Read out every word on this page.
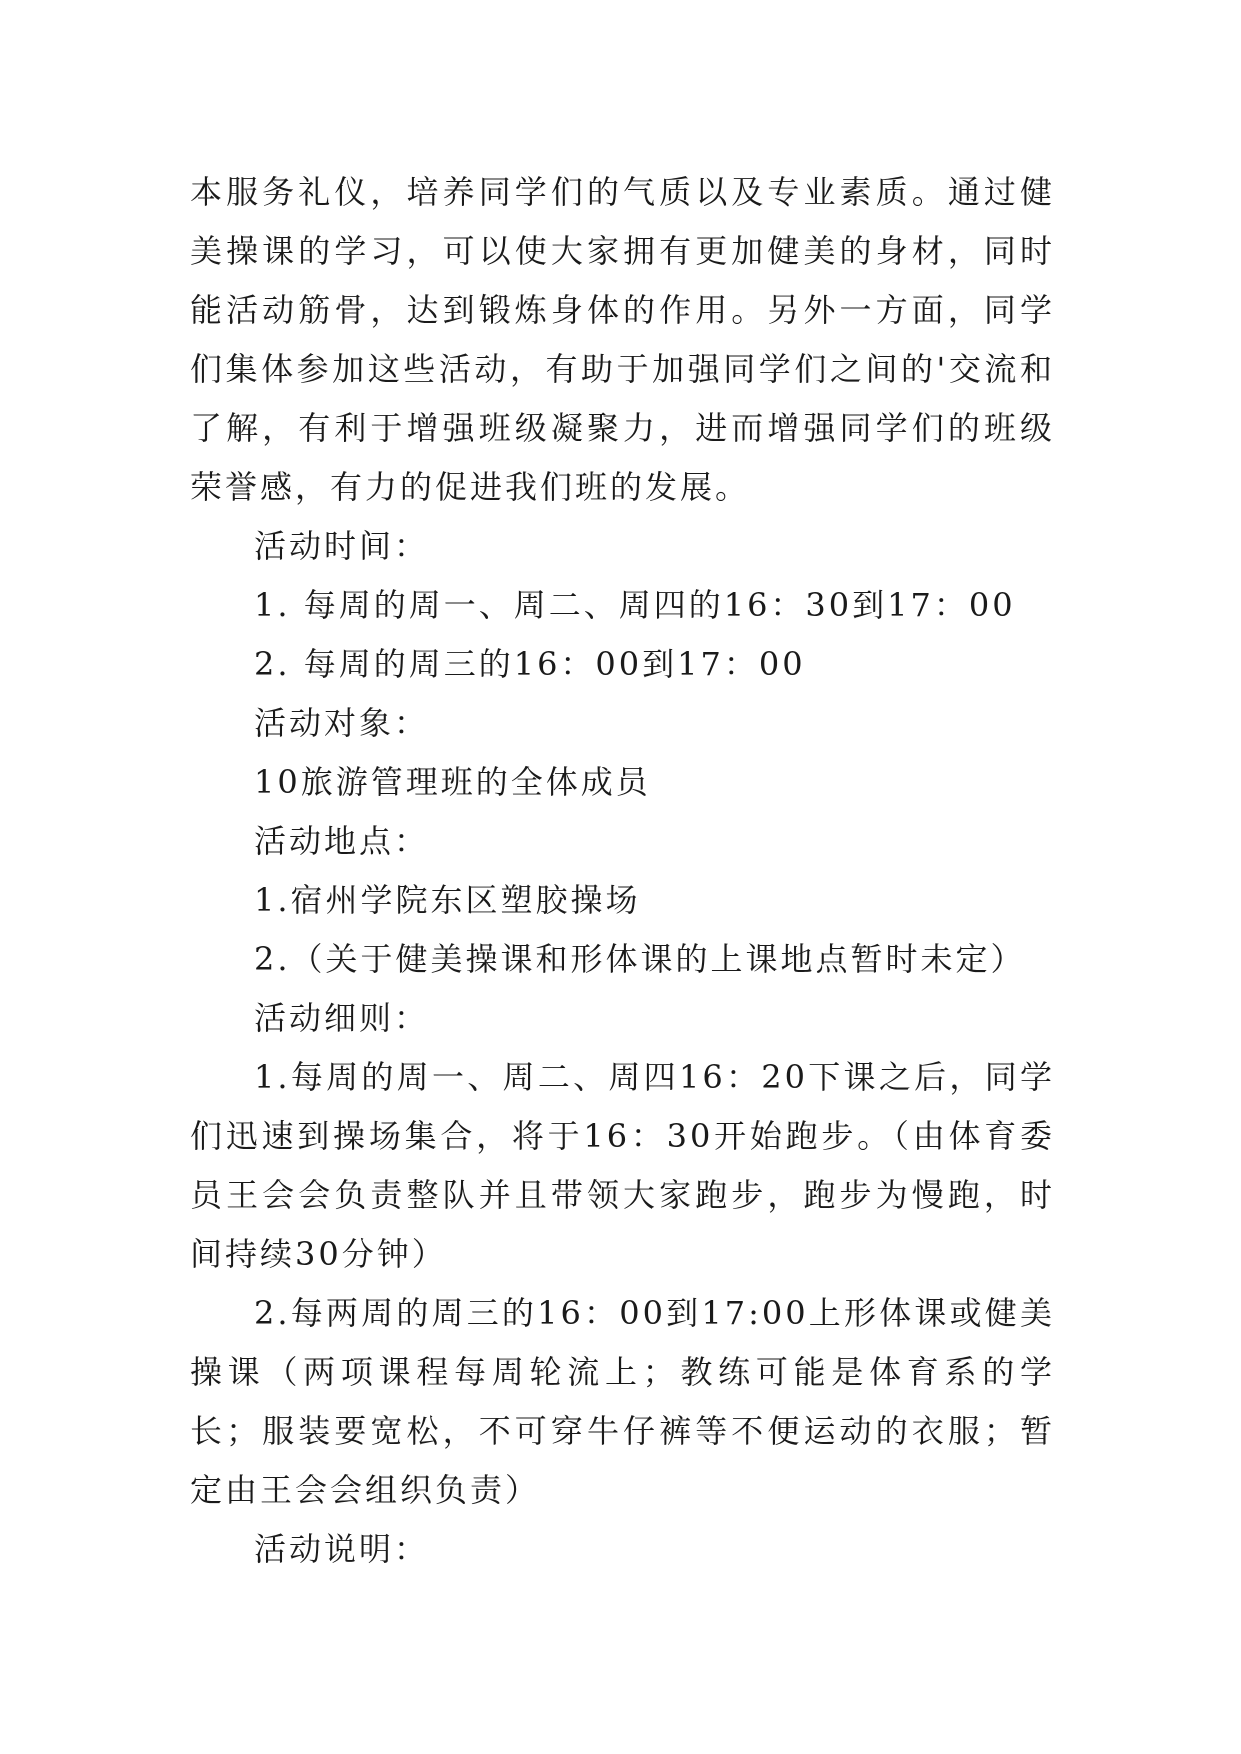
本服务礼仪，培养同学们的气质以及专业素质。通过健美操课的学习，可以使大家拥有更加健美的身材，同时能活动筋骨，达到锻炼身体的作用。另外一方面，同学们集体参加这些活动，有助于加强同学们之间的'交流和了解，有利于增强班级凝聚力，进而增强同学们的班级荣誉感，有力的促进我们班的发展。

活动时间：

1. 每周的周一、周二、周四的16：30到17：00

2. 每周的周三的16：00到17：00

活动对象：

10旅游管理班的全体成员

活动地点：

1.宿州学院东区塑胶操场

2.（关于健美操课和形体课的上课地点暂时未定）

活动细则：

1.每周的周一、周二、周四16：20下课之后，同学们迅速到操场集合，将于16：30开始跑步。（由体育委员王会会负责整队并且带领大家跑步，跑步为慢跑，时间持续30分钟）

2.每两周的周三的16：00到17:00上形体课或健美操课（两项课程每周轮流上；教练可能是体育系的学长；服装要宽松，不可穿牛仔裤等不便运动的衣服；暂定由王会会组织负责）

活动说明：
